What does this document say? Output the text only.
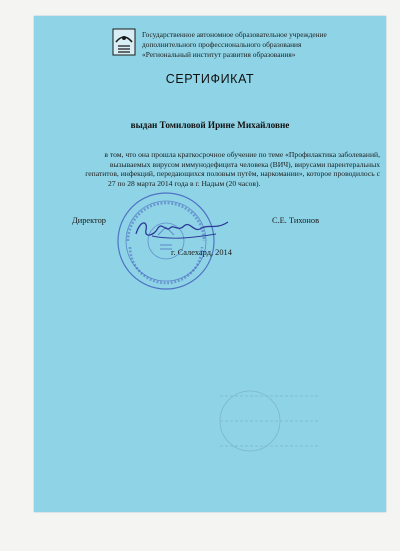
Государственное автономное образовательное учреждение
дополнительного профессионального образования
«Региональный институт развития образования»
СЕРТИФИКАТ
выдан Томиловой Ирине Михайловне
в том, что она прошла краткосрочное обучение по теме «Профилактика заболеваний,
вызываемых вирусом иммунодефицита человека (ВИЧ), вирусами парентеральных
гепатитов, инфекций, передающихся половым путём, наркомании», которое проводилось с
27 по 28 марта 2014 года в г. Надым (20 часов).
Директор	С.Е. Тихонов
г. Салехард, 2014
